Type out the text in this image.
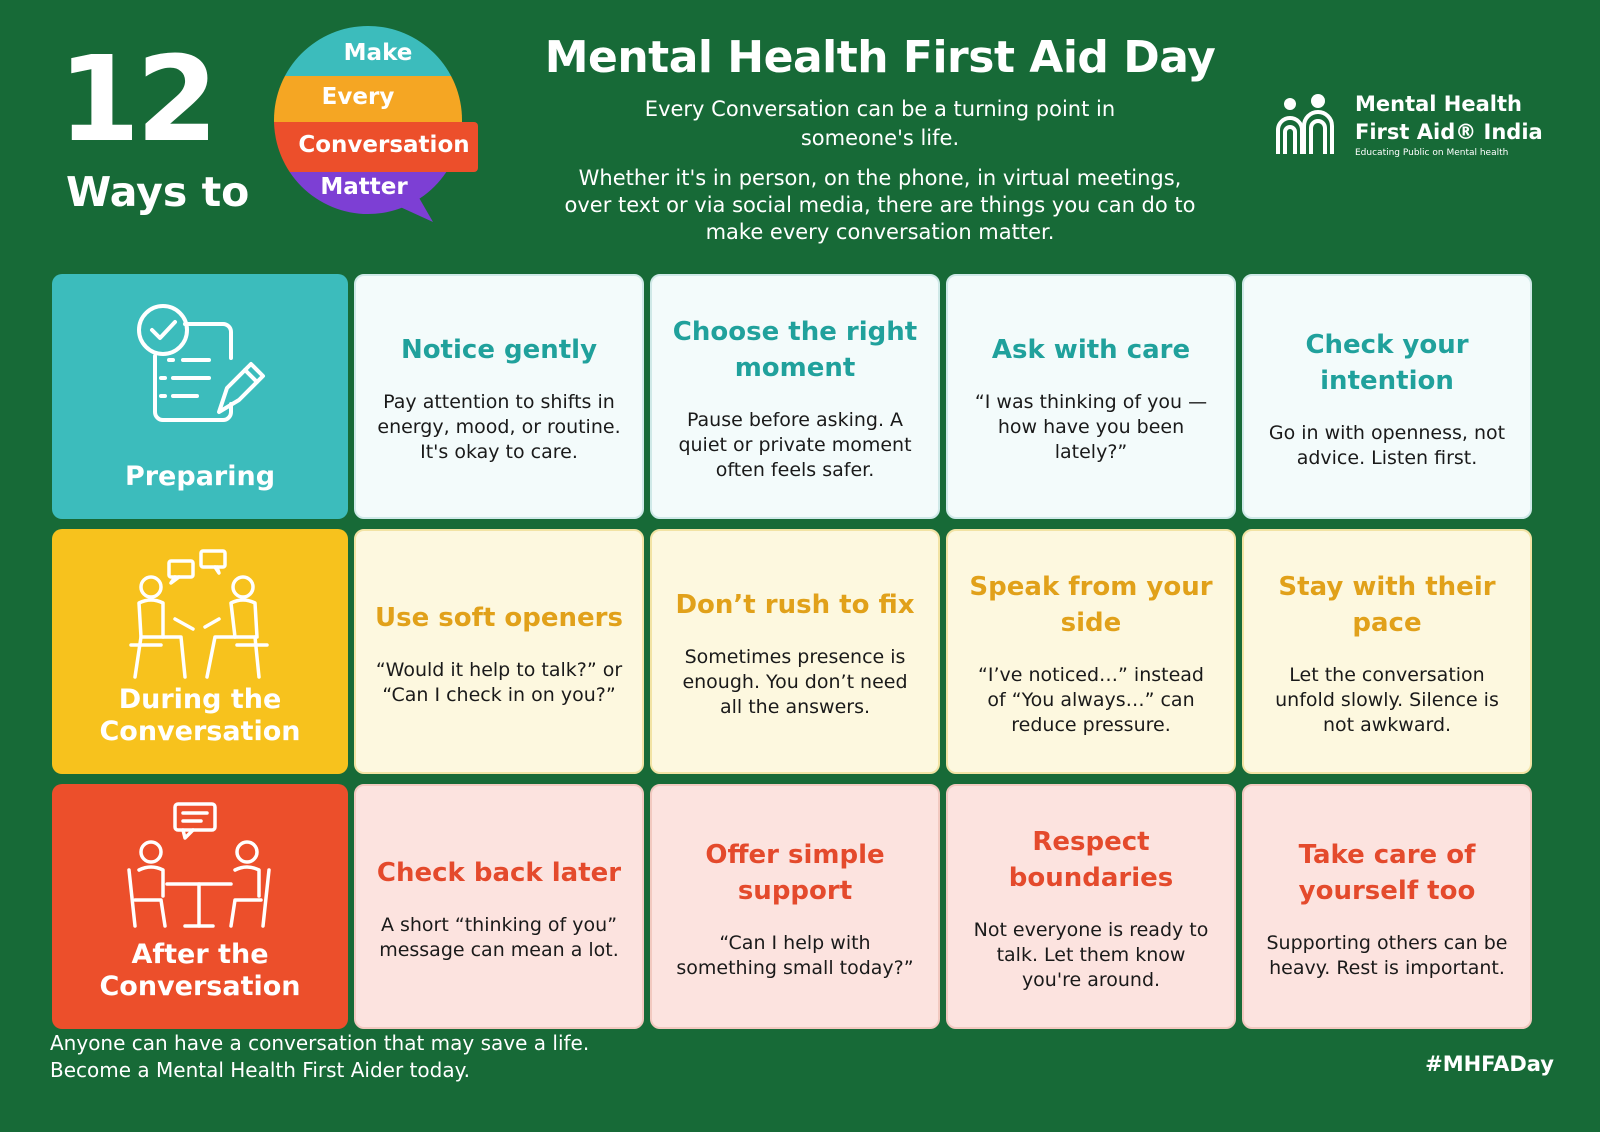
12
Ways to
Make
Every
Conversation
Matter
Mental Health First Aid Day
Every Conversation can be a turning point in someone's life.
Whether it's in person, on the phone, in virtual meetings, over text or via social media, there are things you can do to make every conversation matter.
Mental Health
First Aid® India
Educating Public on Mental health
Preparing
Notice gently
Pay attention to shifts in energy, mood, or routine. It's okay to care.
Choose the right moment
Pause before asking. A quiet or private moment often feels safer.
Ask with care
“I was thinking of you — how have you been lately?”
Check your intention
Go in with openness, not advice. Listen first.
During the Conversation
Use soft openers
“Would it help to talk?” or “Can I check in on you?”
Don’t rush to fix
Sometimes presence is enough. You don’t need all the answers.
Speak from your side
“I’ve noticed…” instead of “You always…” can reduce pressure.
Stay with their pace
Let the conversation unfold slowly. Silence is not awkward.
After the Conversation
Check back later
A short “thinking of you” message can mean a lot.
Offer simple support
“Can I help with something small today?”
Respect boundaries
Not everyone is ready to talk. Let them know you're around.
Take care of yourself too
Supporting others can be heavy. Rest is important.
Anyone can have a conversation that may save a life.
Become a Mental Health First Aider today.	#MHFADay
